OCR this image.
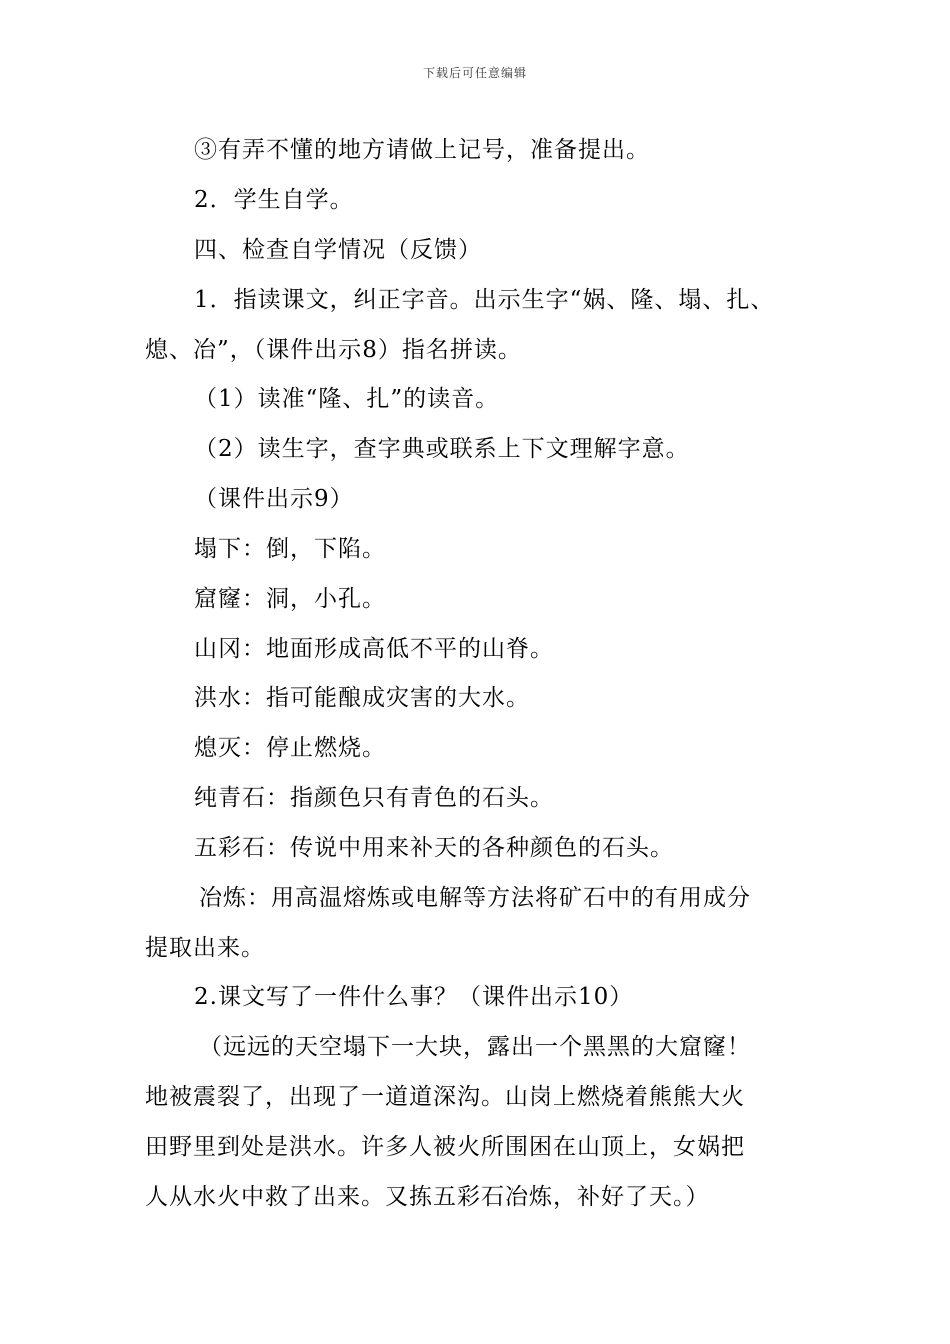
下载后可任意编辑
③有弄不懂的地方请做上记号，准备提出。
2．学生自学。
四、检查自学情况（反馈）
1．指读课文，纠正字音。出示生字“娲、隆、塌、扎、
熄、冶”，（课件出示8）指名拼读。
（1）读准“隆、扎”的读音。
（2）读生字，查字典或联系上下文理解字意。
（课件出示9）
塌下：倒，下陷。
窟窿：洞，小孔。
山冈：地面形成高低不平的山脊。
洪水：指可能酿成灾害的大水。
熄灭：停止燃烧。
纯青石：指颜色只有青色的石头。
五彩石：传说中用来补天的各种颜色的石头。
冶炼：用高温熔炼或电解等方法将矿石中的有用成分
提取出来。
2.课文写了一件什么事？（课件出示10）
（远远的天空塌下一大块，露出一个黑黑的大窟窿！
地被震裂了，出现了一道道深沟。山岗上燃烧着熊熊大火
田野里到处是洪水。许多人被火所围困在山顶上，女娲把
人从水火中救了出来。又拣五彩石冶炼，补好了天。）
